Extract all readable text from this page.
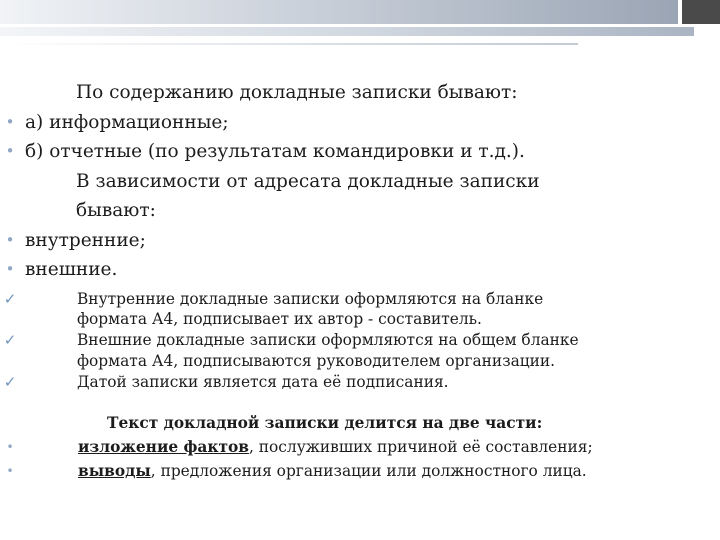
По содержанию докладные записки бывают:

• а) информационные;

• б) отчетные (по результатам командировки и т.д.).

В зависимости от адресата докладные записки

бывают:

• внутренние;

• внешние.

✓	Внутренние докладные записки оформляются на бланке

формата А4, подписывает их автор - составитель.

✓	Внешние докладные записки оформляются на общем бланке

формата А4, подписываются руководителем организации.

✓	Датой записки является дата её подписания.

Текст докладной записки делится на две части:

•	изложение фактов, послуживших причиной её составления;

•	выводы, предложения организации или должностного лица.
